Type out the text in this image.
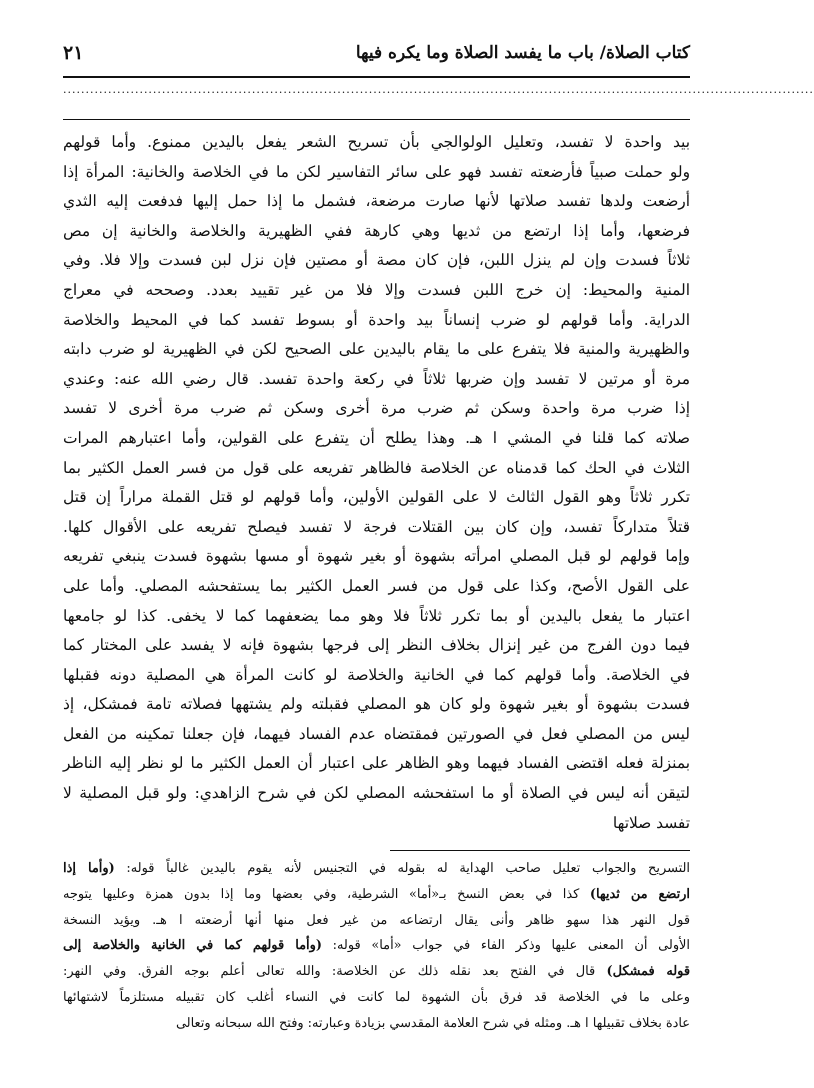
كتاب الصلاة/ باب ما يفسد الصلاة وما يكره فيها
٢١
.......................................................................................................................................................................
بيد واحدة لا تفسد، وتعليل الولوالجي بأن تسريح الشعر يفعل باليدين ممنوع. وأما قولهم
ولو حملت صبياً فأرضعته تفسد فهو على سائر التفاسير لكن ما في الخلاصة والخانية: المرأة إذا
أرضعت ولدها تفسد صلاتها لأنها صارت مرضعة، فشمل ما إذا حمل إليها فدفعت إليه الثدي
فرضعها، وأما إذا ارتضع من ثديها وهي كارهة ففي الظهيرية والخلاصة والخانية إن مص
ثلاثاً فسدت وإن لم ينزل اللبن، فإن كان مصة أو مصتين فإن نزل لبن فسدت وإلا فلا. وفي
المنية والمحيط: إن خرج اللبن فسدت وإلا فلا من غير تقييد بعدد. وصححه في معراج
الدراية. وأما قولهم لو ضرب إنساناً بيد واحدة أو بسوط تفسد كما في المحيط والخلاصة
والظهيرية والمنية فلا يتفرع على ما يقام باليدين على الصحيح لكن في الظهيرية لو ضرب دابته
مرة أو مرتين لا تفسد وإن ضربها ثلاثاً في ركعة واحدة تفسد. قال رضي الله عنه: وعندي
إذا ضرب مرة واحدة وسكن ثم ضرب مرة أخرى وسكن ثم ضرب مرة أخرى لا تفسد
صلاته كما قلنا في المشي ا هـ. وهذا يطلح أن يتفرع على القولين، وأما اعتبارهم المرات
الثلاث في الحك كما قدمناه عن الخلاصة فالظاهر تفريعه على قول من فسر العمل الكثير بما
تكرر ثلاثاً وهو القول الثالث لا على القولين الأولين، وأما قولهم لو قتل القملة مراراً إن قتل
قتلاً متداركاً تفسد، وإن كان بين القتلات فرجة لا تفسد فيصلح تفريعه على الأقوال كلها.
وإما قولهم لو قبل المصلي امرأته بشهوة أو بغير شهوة أو مسها بشهوة فسدت ينبغي تفريعه
على القول الأصح، وكذا على قول من فسر العمل الكثير بما يستفحشه المصلي. وأما على
اعتبار ما يفعل باليدين أو بما تكرر ثلاثاً فلا وهو مما يضعفهما كما لا يخفى. كذا لو جامعها
فيما دون الفرج من غير إنزال بخلاف النظر إلى فرجها بشهوة فإنه لا يفسد على المختار كما
في الخلاصة. وأما قولهم كما في الخانية والخلاصة لو كانت المرأة هي المصلية دونه فقبلها
فسدت بشهوة أو بغير شهوة ولو كان هو المصلي فقبلته ولم يشتهها فصلاته تامة فمشكل، إذ
ليس من المصلي فعل في الصورتين فمقتضاه عدم الفساد فيهما، فإن جعلنا تمكينه من الفعل
بمنزلة فعله اقتضى الفساد فيهما وهو الظاهر على اعتبار أن العمل الكثير ما لو نظر إليه الناظر
لتيقن أنه ليس في الصلاة أو ما استفحشه المصلي لكن في شرح الزاهدي: ولو قبل المصلية لا
تفسد صلاتها
التسريح والجواب تعليل صاحب الهداية له بقوله في التجنيس لأنه يقوم باليدين غالباً قوله: (وأما إذا
ارتضع من ثديها) كذا في بعض النسخ بـ«أما» الشرطية، وفي بعضها وما إذا بدون همزة وعليها يتوجه
قول النهر هذا سهو ظاهر وأنى يقال ارتضاعه من غير فعل منها أنها أرضعته ا هـ. ويؤيد النسخة
الأولى أن المعنى عليها وذكر الفاء في جواب «أما» قوله: (وأما قولهم كما في الخانية والخلاصة إلى
قوله فمشكل) قال في الفتح بعد نقله ذلك عن الخلاصة: والله تعالى أعلم بوجه الفرق. وفي النهر:
وعلى ما في الخلاصة قد فرق بأن الشهوة لما كانت في النساء أغلب كان تقبيله مستلزماً لاشتهائها
عادة بخلاف تقبيلها ا هـ. ومثله في شرح العلامة المقدسي بزيادة وعبارته: وفتح الله سبحانه وتعالى
